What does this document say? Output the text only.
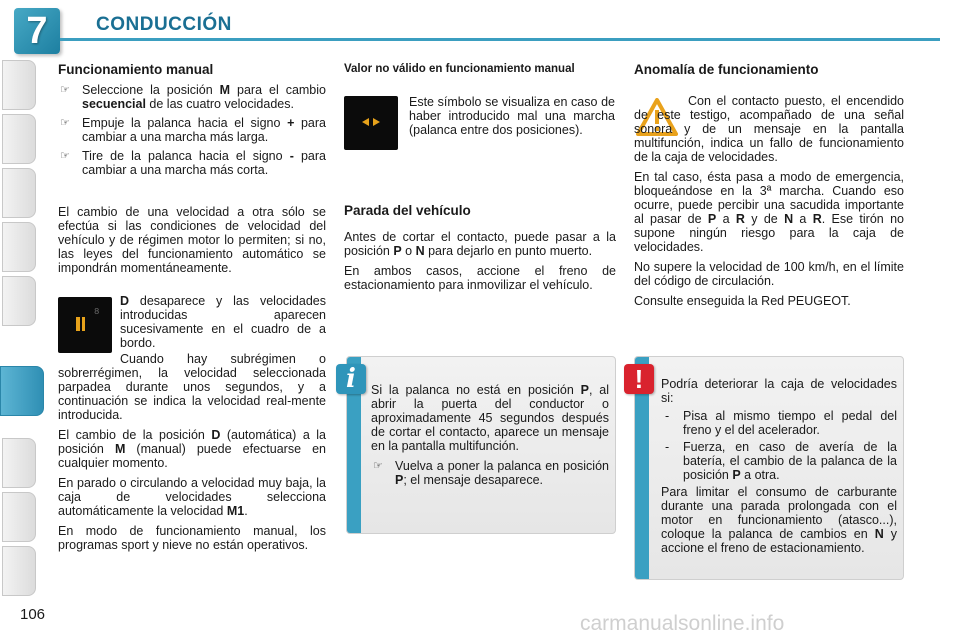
7	CONDUCCIÓN
Funcionamiento manual
☞ Seleccione la posición M para el cambio secuencial de las cuatro velocidades.
☞ Empuje la palanca hacia el signo + para cambiar a una marcha más larga.
☞ Tire de la palanca hacia el signo - para cambiar a una marcha más corta.

El cambio de una velocidad a otra sólo se efectúa si las condiciones de velocidad del vehículo y de régimen motor lo permiten; si no, las leyes del funcionamiento automático se impondrán momentáneamente.

8

D desaparece y las velocidades introducidas aparecen sucesivamente en el cuadro de a bordo.

Cuando hay subrégimen o sobrerrégimen, la velocidad seleccionada parpadea durante unos segundos, y a continuación se indica la velocidad real-mente introducida.

El cambio de la posición D (automática) a la posición M (manual) puede efectuarse en cualquier momento.

En parado o circulando a velocidad muy baja, la caja de velocidades selecciona automáticamente la velocidad M1.

En modo de funcionamiento manual, los programas sport y nieve no están operativos.

Valor no válido en funcionamiento manual

Este símbolo se visualiza en caso de haber introducido mal una marcha (palanca entre dos posiciones).

Parada del vehículo

Antes de cortar el contacto, puede pasar a la posición P o N para dejarlo en punto muerto.

En ambos casos, accione el freno de estacionamiento para inmovilizar el vehículo.

Si la palanca no está en posición P, al abrir la puerta del conductor o aproximadamente 45 segundos después de cortar el contacto, aparece un mensaje en la pantalla multifunción.

☞ Vuelva a poner la palanca en posición P; el mensaje desaparece.
i
Anomalía de funcionamiento

Con el contacto puesto, el encendido de este testigo, acompañado de una señal sonora y de un mensaje en la pantalla multifunción, indica un fallo de funcionamiento de la caja de velocidades.

En tal caso, ésta pasa a modo de emergencia, bloqueándose en la 3ª marcha. Cuando eso ocurre, puede percibir una sacudida importante al pasar de P a R y de N a R. Ese tirón no supone ningún riesgo para la caja de velocidades.

No supere la velocidad de 100 km/h, en el límite del código de circulación.

Consulte enseguida la Red PEUGEOT.

Podría deteriorar la caja de velocidades si:

- Pisa al mismo tiempo el pedal del freno y el del acelerador.
- Fuerza, en caso de avería de la batería, el cambio de la palanca de la posición P a otra.

Para limitar el consumo de carburante durante una parada prolongada con el motor en funcionamiento (atasco...), coloque la palanca de cambios en N y accione el freno de estacionamiento.

!
106	carmanualsonline.info
